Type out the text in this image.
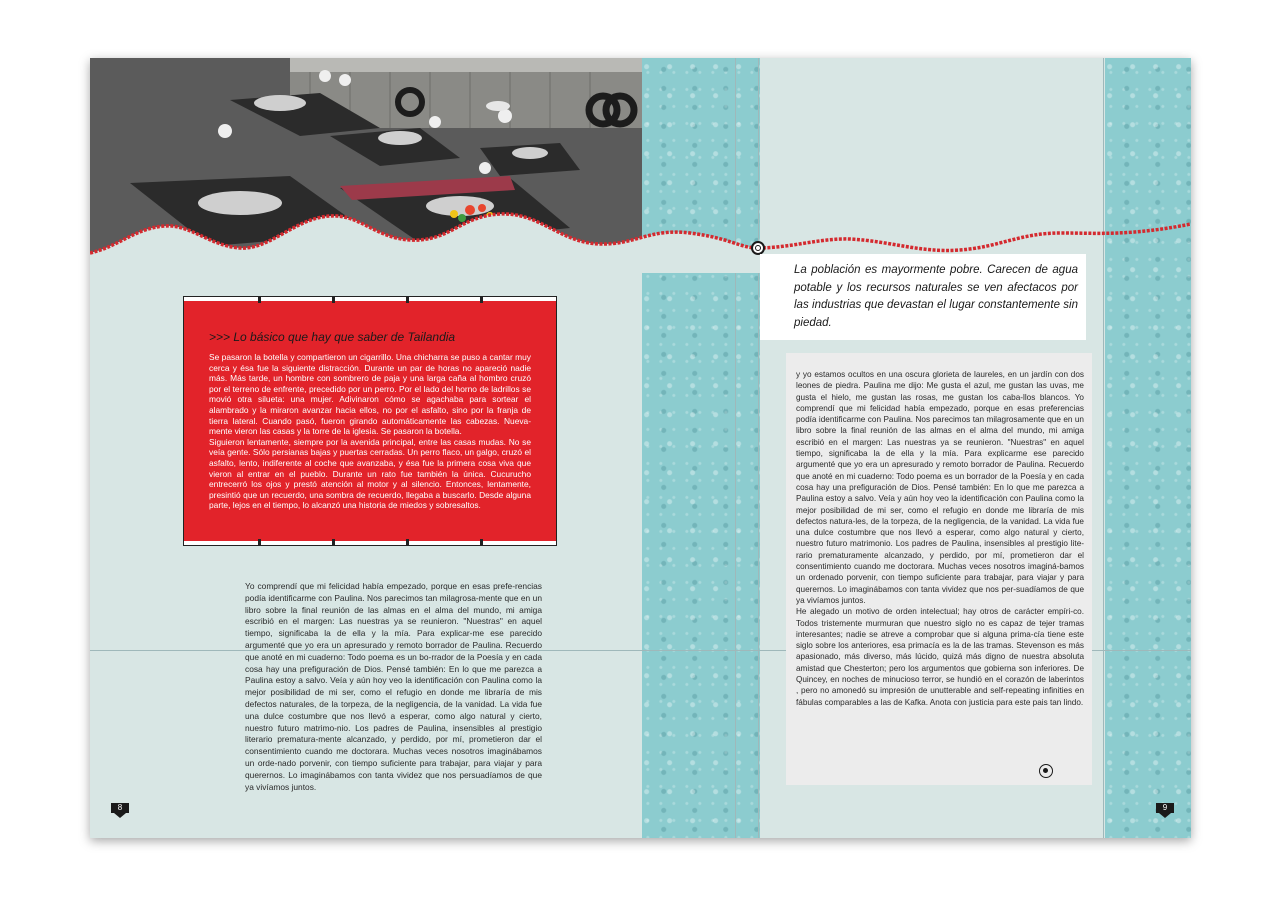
>>> Lo básico que hay que saber de Tailandia

Se pasaron la botella y compartieron un cigarrillo. Una chicharra se puso a cantar muy cerca y ésa fue la siguiente distracción. Durante un par de horas no apareció nadie más. Más tarde, un hombre con sombrero de paja y una larga caña al hombro cruzó por el terreno de enfrente, precedido por un perro. Por el lado del horno de ladrillos se movió otra silueta: una mujer. Adivinaron cómo se agachaba para sortear el alambrado y la miraron avanzar hacia ellos, no por el asfalto, sino por la franja de tierra lateral. Cuando pasó, fueron girando automáticamente las cabezas. Nueva-mente vieron las casas y la torre de la iglesia. Se pasaron la botella.

Siguieron lentamente, siempre por la avenida principal, entre las casas mudas. No se veía gente. Sólo persianas bajas y puertas cerradas. Un perro flaco, un galgo, cruzó el asfalto, lento, indiferente al coche que avanzaba, y ésa fue la primera cosa viva que vieron al entrar en el pueblo. Durante un rato fue también la única. Cucurucho entrecerró los ojos y prestó atención al motor y al silencio. Entonces, lentamente, presintió que un recuerdo, una sombra de recuerdo, llegaba a buscarlo. Desde alguna parte, lejos en el tiempo, lo alcanzó una historia de miedos y sobresaltos.

Yo comprendí que mi felicidad había empezado, porque en esas prefe-rencias podía identificarme con Paulina. Nos parecimos tan milagrosa-mente que en un libro sobre la final reunión de las almas en el alma del mundo, mi amiga escribió en el margen: Las nuestras ya se reunieron. "Nuestras" en aquel tiempo, significaba la de ella y la mía. Para explicar-me ese parecido argumenté que yo era un apresurado y remoto borrador de Paulina. Recuerdo que anoté en mi cuaderno: Todo poema es un bo-rrador de la Poesía y en cada cosa hay una prefiguración de Dios. Pensé también: En lo que me parezca a Paulina estoy a salvo. Veía y aún hoy veo la identificación con Paulina como la mejor posibilidad de mi ser, como el refugio en donde me libraría de mis defectos naturales, de la torpeza, de la negligencia, de la vanidad. La vida fue una dulce costumbre que nos llevó a esperar, como algo natural y cierto, nuestro futuro matrimo-nio. Los padres de Paulina, insensibles al prestigio literario prematura-mente alcanzado, y perdido, por mí, prometieron dar el consentimiento cuando me doctorara. Muchas veces nosotros imaginábamos un orde-nado porvenir, con tiempo suficiente para trabajar, para viajar y para querernos. Lo imaginábamos con tanta vividez que nos persuadíamos de que ya vivíamos juntos.

La población es mayormente pobre. Carecen de agua potable y los recursos naturales se ven afectacos por las industrias que devastan el lugar constantemente sin piedad.

y yo estamos ocultos en una oscura glorieta de laureles, en un jardín con dos leones de piedra. Paulina me dijo: Me gusta el azul, me gustan las uvas, me gusta el hielo, me gustan las rosas, me gustan los caba-llos blancos. Yo comprendí que mi felicidad había empezado, porque en esas preferencias podía identificarme con Paulina. Nos parecimos tan milagrosamente que en un libro sobre la final reunión de las almas en el alma del mundo, mi amiga escribió en el margen: Las nuestras ya se reunieron. "Nuestras" en aquel tiempo, significaba la de ella y la mía. Para explicarme ese parecido argumenté que yo era un apresurado y remoto borrador de Paulina. Recuerdo que anoté en mi cuaderno: Todo poema es un borrador de la Poesía y en cada cosa hay una prefiguración de Dios. Pensé también: En lo que me parezca a Paulina estoy a salvo. Veía y aún hoy veo la identificación con Paulina como la mejor posibilidad de mi ser, como el refugio en donde me libraría de mis defectos natura-les, de la torpeza, de la negligencia, de la vanidad. La vida fue una dulce costumbre que nos llevó a esperar, como algo natural y cierto, nuestro futuro matrimonio. Los padres de Paulina, insensibles al prestigio lite-rario prematuramente alcanzado, y perdido, por mí, prometieron dar el consentimiento cuando me doctorara. Muchas veces nosotros imaginá-bamos un ordenado porvenir, con tiempo suficiente para trabajar, para viajar y para querernos. Lo imaginábamos con tanta vividez que nos per-suadíamos de que ya vivíamos juntos.

He alegado un motivo de orden intelectual; hay otros de carácter empíri-co. Todos tristemente murmuran que nuestro siglo no es capaz de tejer tramas interesantes; nadie se atreve a comprobar que si alguna prima-cía tiene este siglo sobre los anteriores, esa primacía es la de las tramas. Stevenson es más apasionado, más diverso, más lúcido, quizá más digno de nuestra absoluta amistad que Chesterton; pero los argumentos que gobierna son inferiores. De Quincey, en noches de minucioso terror, se hundió en el corazón de laberintos , pero no amonedó su impresión de unutterable and self-repeating infinities en fábulas comparables a las de Kafka. Anota con justicia para este pais tan lindo.

8	9
